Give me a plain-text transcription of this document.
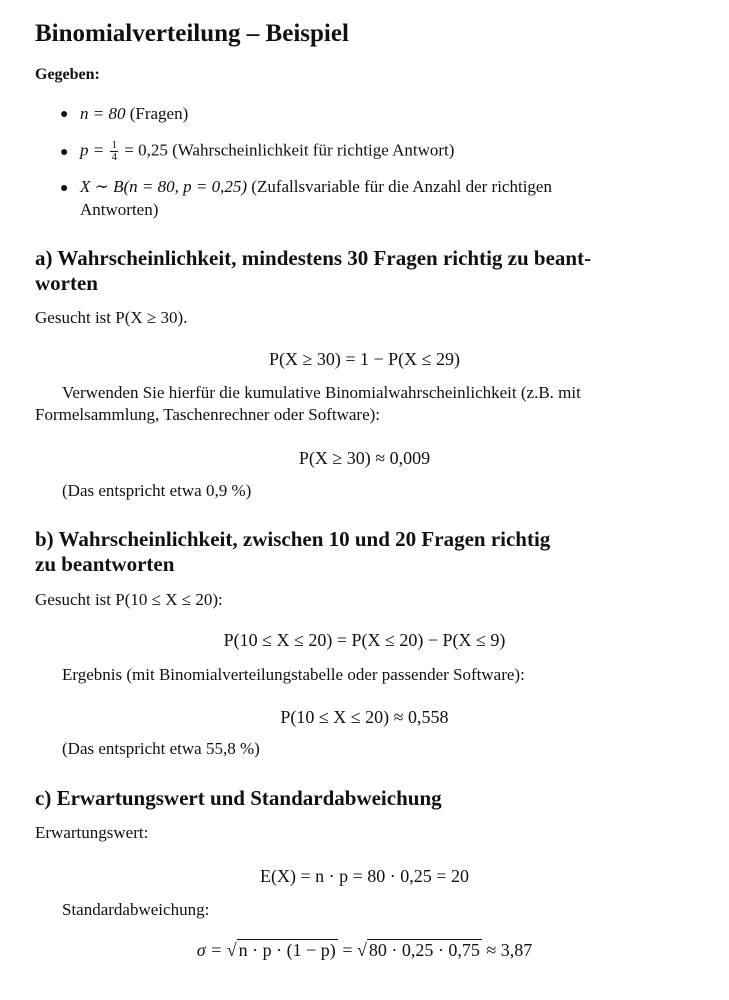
Binomialverteilung – Beispiel
Gegeben:
● n = 80 (Fragen)
● $p = \frac{1}{4} = 0,25$ (Wahrscheinlichkeit für richtige Antwort)
● X ∼ B(n = 80, p = 0,25) (Zufallsvariable für die Anzahl der richtigen
Antworten)
a) Wahrscheinlichkeit, mindestens 30 Fragen richtig zu beant-
worten
Gesucht ist P(X ≥ 30).
P(X ≥ 30) = 1 − P(X ≤ 29)
Verwenden Sie hierfür die kumulative Binomialwahrscheinlichkeit (z.B. mit
Formelsammlung, Taschenrechner oder Software):
P(X ≥ 30) ≈ 0,009
(Das entspricht etwa 0,9 %)
b) Wahrscheinlichkeit, zwischen 10 und 20 Fragen richtig
zu beantworten
Gesucht ist P(10 ≤ X ≤ 20):
P(10 ≤ X ≤ 20) = P(X ≤ 20) − P(X ≤ 9)
Ergebnis (mit Binomialverteilungstabelle oder passender Software):
P(10 ≤ X ≤ 20) ≈ 0,558
(Das entspricht etwa 55,8 %)
c) Erwartungswert und Standardabweichung
Erwartungswert:
E(X) = n · p = 80 · 0,25 = 20
Standardabweichung:
σ = √ n · p · (1 − p) = √ 80 · 0,25 · 0,75 ≈ 3,87
